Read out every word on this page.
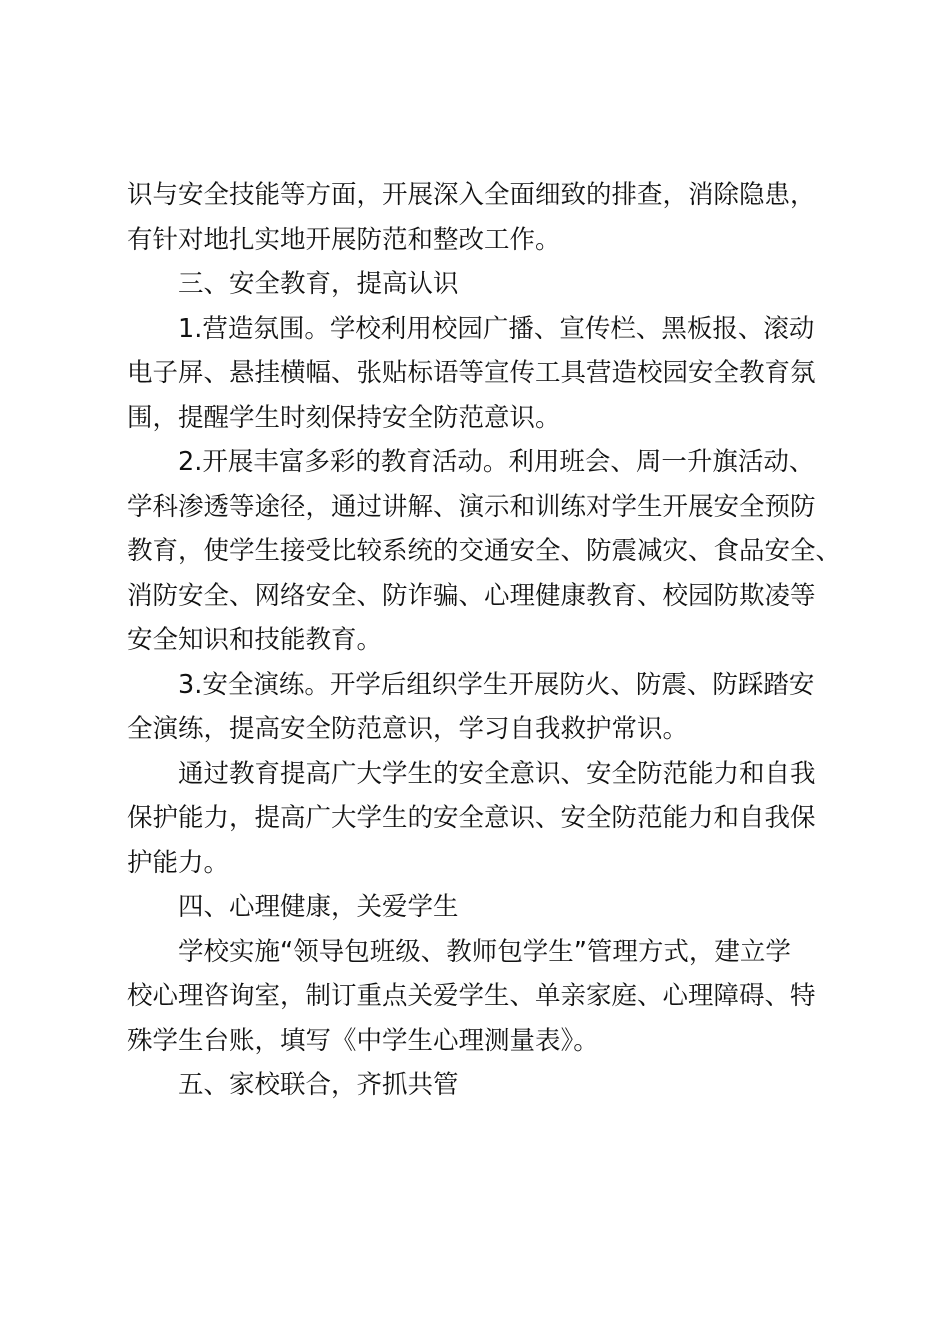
识与安全技能等方面，开展深入全面细致的排查，消除隐患，
有针对地扎实地开展防范和整改工作。
三、安全教育，提高认识
1.营造氛围。学校利用校园广播、宣传栏、黑板报、滚动
电子屏、悬挂横幅、张贴标语等宣传工具营造校园安全教育氛
围，提醒学生时刻保持安全防范意识。
2.开展丰富多彩的教育活动。利用班会、周一升旗活动、
学科渗透等途径，通过讲解、演示和训练对学生开展安全预防
教育，使学生接受比较系统的交通安全、防震减灾、食品安全、
消防安全、网络安全、防诈骗、心理健康教育、校园防欺凌等
安全知识和技能教育。
3.安全演练。开学后组织学生开展防火、防震、防踩踏安
全演练，提高安全防范意识，学习自我救护常识。
通过教育提高广大学生的安全意识、安全防范能力和自我
保护能力，提高广大学生的安全意识、安全防范能力和自我保
护能力。
四、心理健康，关爱学生
学校实施“领导包班级、教师包学生”管理方式，建立学
校心理咨询室，制订重点关爱学生、单亲家庭、心理障碍、特
殊学生台账，填写《中学生心理测量表》。
五、家校联合，齐抓共管
